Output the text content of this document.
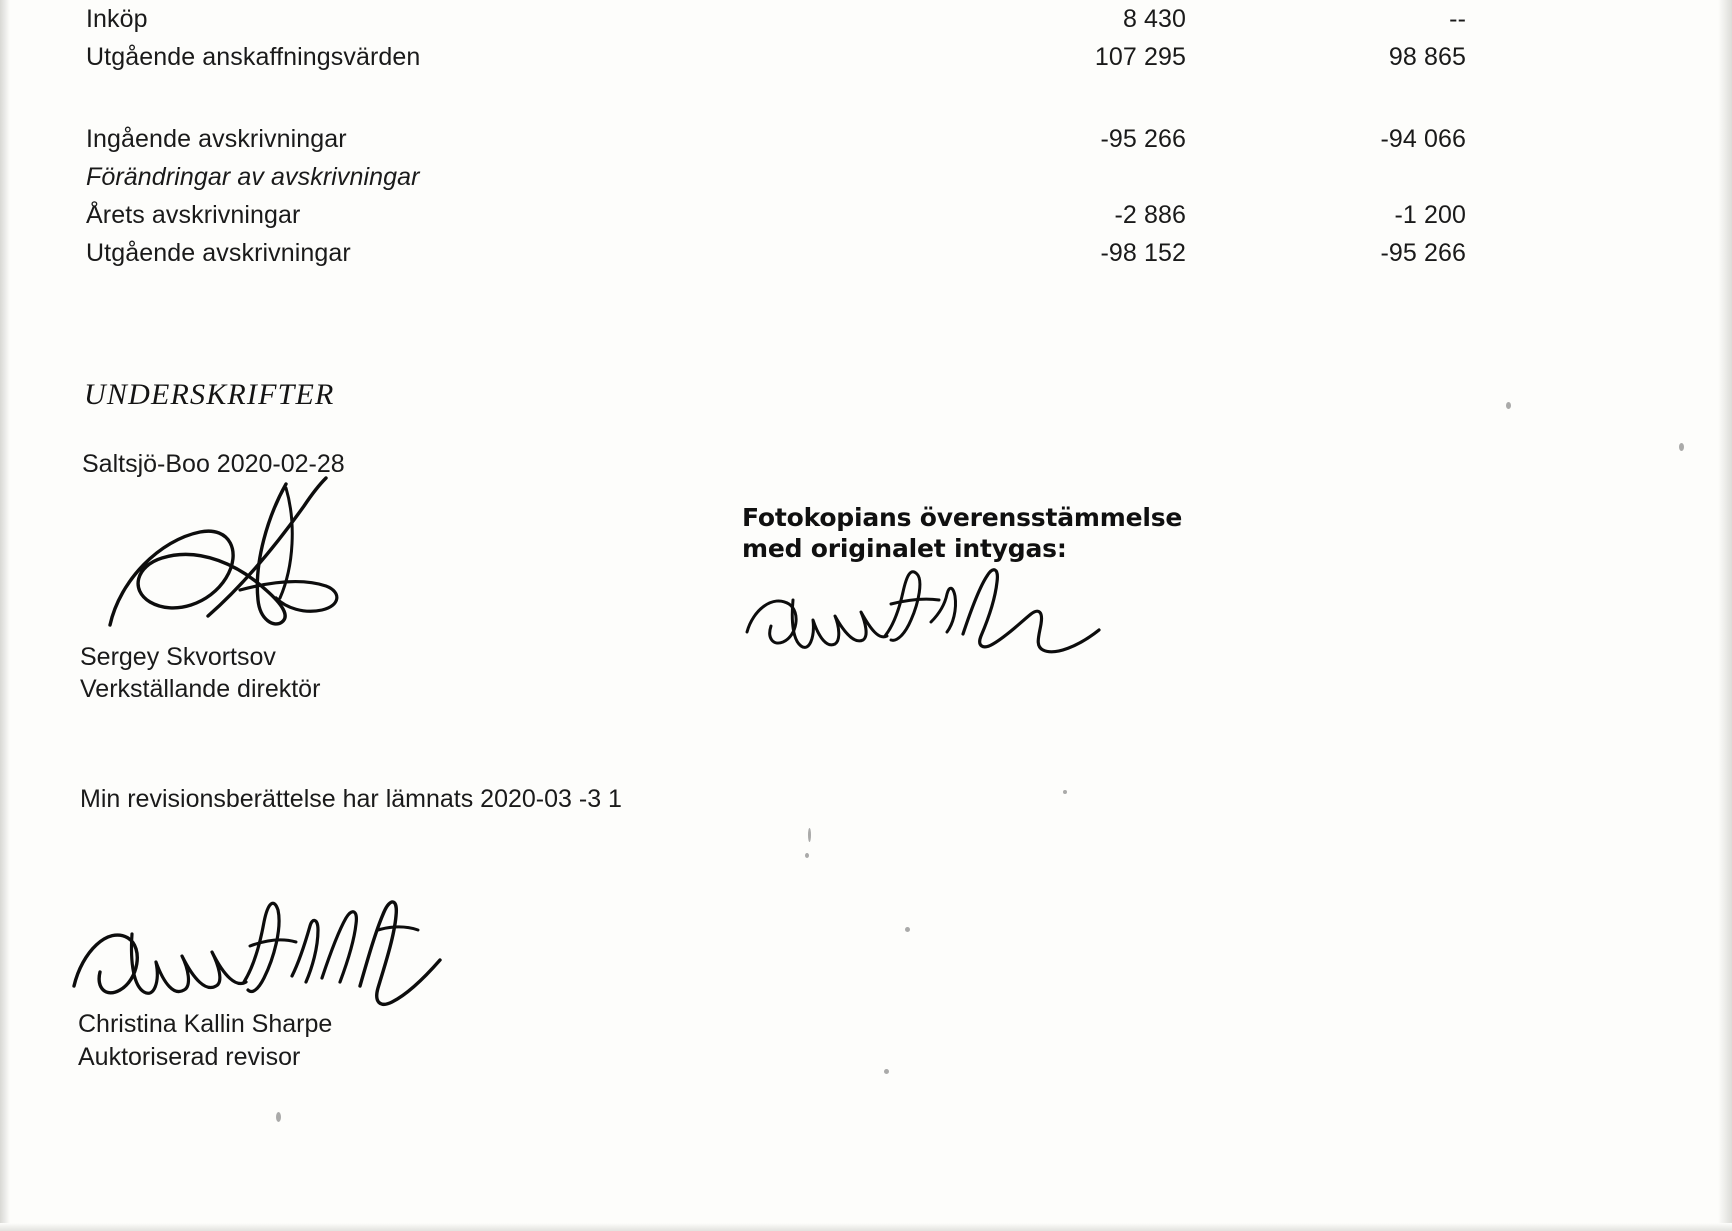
Inköp	8 430	--
Utgående anskaffningsvärden	107 295	98 865
Ingående avskrivningar	-95 266	-94 066
Förändringar av avskrivningar
Årets avskrivningar	-2 886	-1 200
Utgående avskrivningar	-98 152	-95 266
UNDERSKRIFTER
Saltsjö-Boo 2020-02-28
Sergey Skvortsov
Verkställande direktör
Fotokopians överensstämmelse
med originalet intygas:
Min revisionsberättelse har lämnats 2020-03 -3 1
Christina Kallin Sharpe
Auktoriserad revisor
